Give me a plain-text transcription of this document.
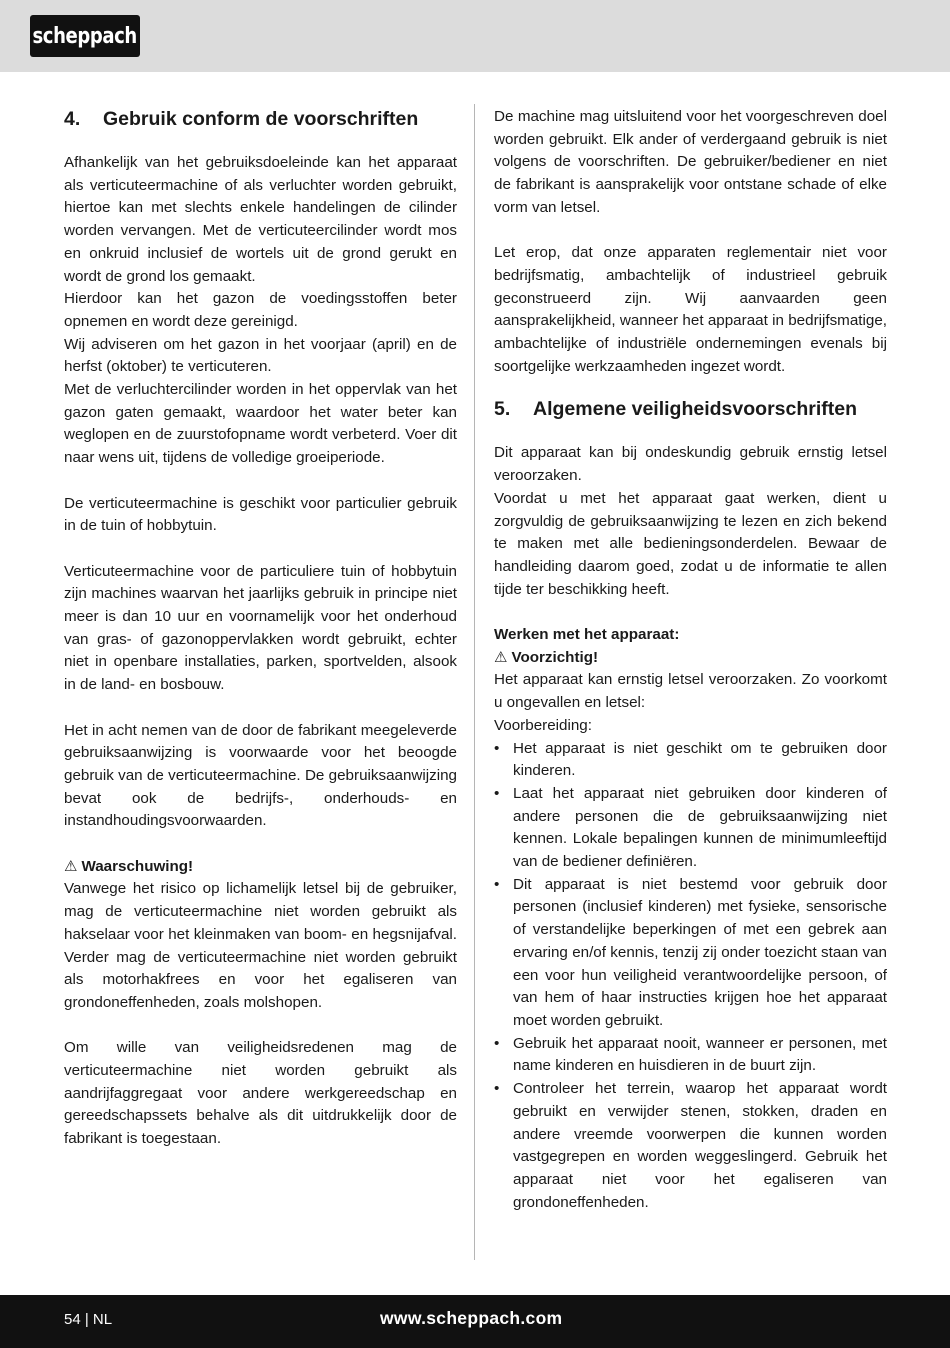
scheppach
4.	Gebruik conform de voorschriften

Afhankelijk van het gebruiksdoeleinde kan het apparaat als verticuteermachine of als verluchter worden gebruikt, hiertoe kan met slechts enkele handelingen de cilinder worden vervangen. Met de verticuteercilinder wordt mos en onkruid inclusief de wortels uit de grond gerukt en wordt de grond los gemaakt.

Hierdoor kan het gazon de voedingsstoffen beter opnemen en wordt deze gereinigd.

Wij adviseren om het gazon in het voorjaar (april) en de herfst (oktober) te verticuteren.

Met de verluchtercilinder worden in het oppervlak van het gazon gaten gemaakt, waardoor het water beter kan weglopen en de zuurstofopname wordt verbeterd. Voer dit naar wens uit, tijdens de volledige groeiperiode.

De verticuteermachine is geschikt voor particulier gebruik in de tuin of hobbytuin.

Verticuteermachine voor de particuliere tuin of hobbytuin zijn machines waarvan het jaarlijks gebruik in principe niet meer is dan 10 uur en voornamelijk voor het onderhoud van gras- of gazonoppervlakken wordt gebruikt, echter niet in openbare installaties, parken, sportvelden, alsook in de land- en bosbouw.

Het in acht nemen van de door de fabrikant meegeleverde gebruiksaanwijzing is voorwaarde voor het beoogde gebruik van de verticuteermachine. De gebruiksaanwijzing bevat ook de bedrijfs-, onderhouds- en instandhoudingsvoorwaarden.

⚠ Waarschuwing!

Vanwege het risico op lichamelijk letsel bij de gebruiker, mag de verticuteermachine niet worden gebruikt als hakselaar voor het kleinmaken van boom- en hegsnijafval. Verder mag de verticuteermachine niet worden gebruikt als motorhakfrees en voor het egaliseren van grondoneffenheden, zoals molshopen.

Om wille van veiligheidsredenen mag de verticuteermachine niet worden gebruikt als aandrijfaggregaat voor andere werkgereedschap en gereedschapssets behalve als dit uitdrukkelijk door de fabrikant is toegestaan.

De machine mag uitsluitend voor het voorgeschreven doel worden gebruikt. Elk ander of verdergaand gebruik is niet volgens de voorschriften. De gebruiker/bediener en niet de fabrikant is aansprakelijk voor ontstane schade of elke vorm van letsel.

Let erop, dat onze apparaten reglementair niet voor bedrijfsmatig, ambachtelijk of industrieel gebruik geconstrueerd zijn. Wij aanvaarden geen aansprakelijkheid, wanneer het apparaat in bedrijfsmatige, ambachtelijke of industriële ondernemingen evenals bij soortgelijke werkzaamheden ingezet wordt.

5.	Algemene veiligheidsvoorschriften

Dit apparaat kan bij ondeskundig gebruik ernstig letsel veroorzaken.

Voordat u met het apparaat gaat werken, dient u zorgvuldig de gebruiksaanwijzing te lezen en zich bekend te maken met alle bedieningsonderdelen. Bewaar de handleiding daarom goed, zodat u de informatie te allen tijde ter beschikking heeft.

Werken met het apparaat:

⚠ Voorzichtig!

Het apparaat kan ernstig letsel veroorzaken. Zo voorkomt u ongevallen en letsel:

Voorbereiding:

• Het apparaat is niet geschikt om te gebruiken door kinderen.
• Laat het apparaat niet gebruiken door kinderen of andere personen die de gebruiksaanwijzing niet kennen. Lokale bepalingen kunnen de minimumleeftijd van de bediener definiëren.
• Dit apparaat is niet bestemd voor gebruik door personen (inclusief kinderen) met fysieke, sensorische of verstandelijke beperkingen of met een gebrek aan ervaring en/of kennis, tenzij zij onder toezicht staan van een voor hun veiligheid verantwoordelijke persoon, of van hem of haar instructies krijgen hoe het apparaat moet worden gebruikt.
• Gebruik het apparaat nooit, wanneer er personen, met name kinderen en huisdieren in de buurt zijn.
• Controleer het terrein, waarop het apparaat wordt gebruikt en verwijder stenen, stokken, draden en andere vreemde voorwerpen die kunnen worden vastgegrepen en worden weggeslingerd. Gebruik het apparaat niet voor het egaliseren van grondoneffenheden.
54 | NL	www.scheppach.com
